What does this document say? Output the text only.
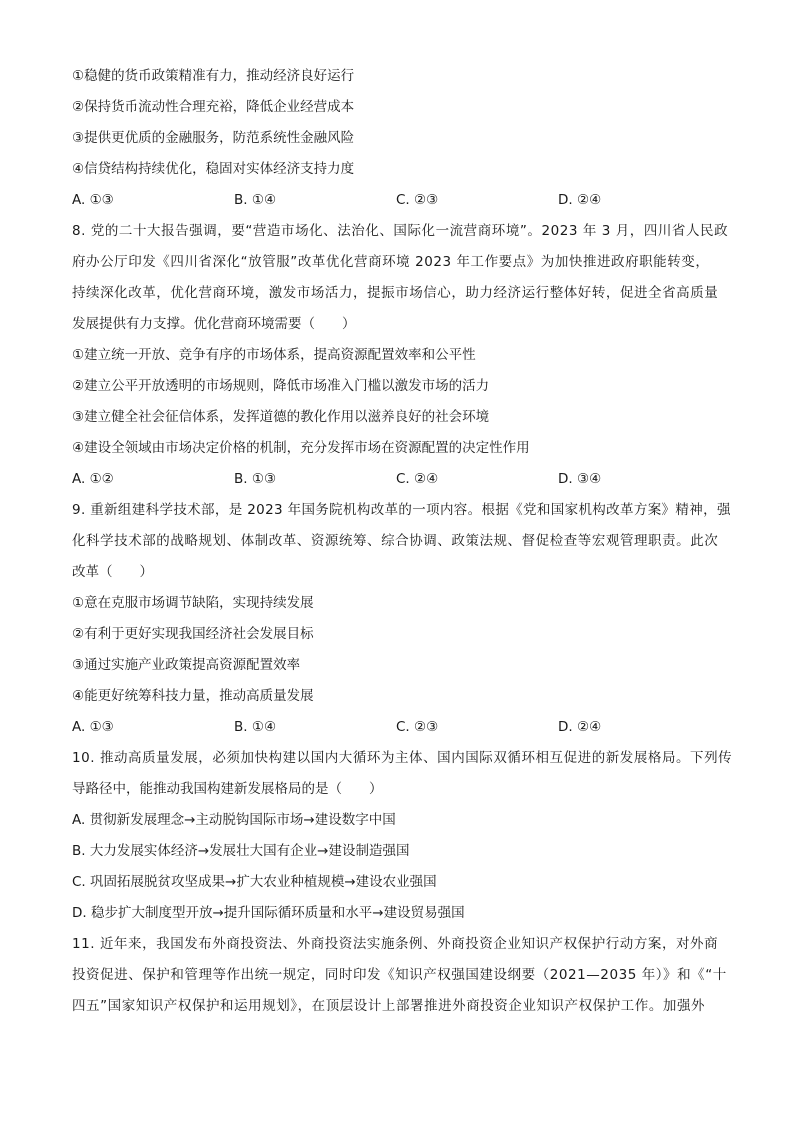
①稳健的货币政策精准有力，推动经济良好运行
②保持货币流动性合理充裕，降低企业经营成本
③提供更优质的金融服务，防范系统性金融风险
④信贷结构持续优化，稳固对实体经济支持力度
A. ①③	B. ①④	C. ②③	D. ②④
8. 党的二十大报告强调，要“营造市场化、法治化、国际化一流营商环境”。2023 年 3 月，四川省人民政
府办公厅印发《四川省深化“放管服”改革优化营商环境 2023 年工作要点》为加快推进政府职能转变，
持续深化改革，优化营商环境，激发市场活力，提振市场信心，助力经济运行整体好转，促进全省高质量
发展提供有力支撑。优化营商环境需要（　　）
①建立统一开放、竞争有序的市场体系，提高资源配置效率和公平性
②建立公平开放透明的市场规则，降低市场准入门槛以激发市场的活力
③建立健全社会征信体系，发挥道德的教化作用以滋养良好的社会环境
④建设全领域由市场决定价格的机制，充分发挥市场在资源配置的决定性作用
A. ①②	B. ①③	C. ②④	D. ③④
9. 重新组建科学技术部，是 2023 年国务院机构改革的一项内容。根据《党和国家机构改革方案》精神，强
化科学技术部的战略规划、体制改革、资源统筹、综合协调、政策法规、督促检查等宏观管理职责。此次
改革（　　）
①意在克服市场调节缺陷，实现持续发展
②有利于更好实现我国经济社会发展目标
③通过实施产业政策提高资源配置效率
④能更好统筹科技力量，推动高质量发展
A. ①③	B. ①④	C. ②③	D. ②④
10. 推动高质量发展，必须加快构建以国内大循环为主体、国内国际双循环相互促进的新发展格局。下列传
导路径中，能推动我国构建新发展格局的是（　　）
A. 贯彻新发展理念→主动脱钩国际市场→建设数字中国
B. 大力发展实体经济→发展壮大国有企业→建设制造强国
C. 巩固拓展脱贫攻坚成果→扩大农业种植规模→建设农业强国
D. 稳步扩大制度型开放→提升国际循环质量和水平→建设贸易强国
11. 近年来，我国发布外商投资法、外商投资法实施条例、外商投资企业知识产权保护行动方案，对外商
投资促进、保护和管理等作出统一规定，同时印发《知识产权强国建设纲要（2021—2035 年）》和《“十
四五”国家知识产权保护和运用规划》，在顶层设计上部署推进外商投资企业知识产权保护工作。加强外
